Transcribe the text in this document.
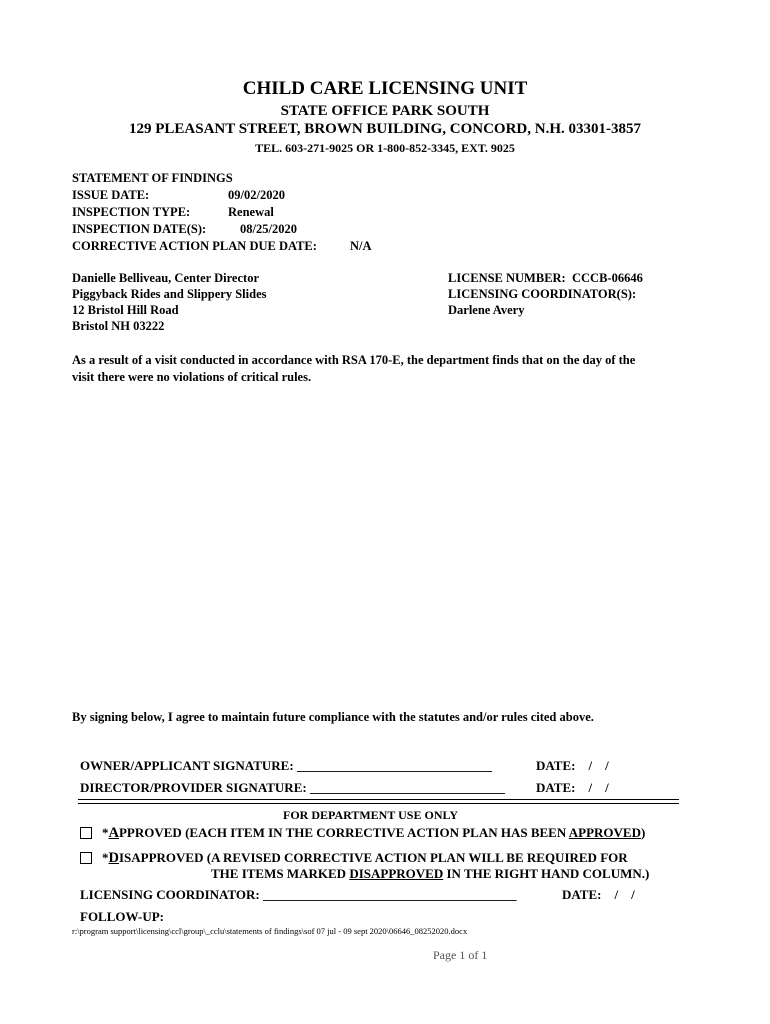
CHILD CARE LICENSING UNIT
STATE OFFICE PARK SOUTH
129 PLEASANT STREET, BROWN BUILDING, CONCORD, N.H. 03301-3857
TEL. 603-271-9025 OR 1-800-852-3345, EXT. 9025
STATEMENT OF FINDINGS
ISSUE DATE:	09/02/2020
INSPECTION TYPE:	Renewal
INSPECTION DATE(S):	08/25/2020
CORRECTIVE ACTION PLAN DUE DATE:	N/A
Danielle Belliveau, Center Director
Piggyback Rides and Slippery Slides
12 Bristol Hill Road
Bristol NH 03222
LICENSE NUMBER: CCCB-06646
LICENSING COORDINATOR(S):
Darlene Avery
As a result of a visit conducted in accordance with RSA 170-E, the department finds that on the day of the
visit there were no violations of critical rules.
By signing below, I agree to maintain future compliance with the statutes and/or rules cited above.
OWNER/APPLICANT SIGNATURE: ______________________________	DATE: /    /
DIRECTOR/PROVIDER SIGNATURE: ______________________________ DATE: /    /
FOR DEPARTMENT USE ONLY
*APPROVED (EACH ITEM IN THE CORRECTIVE ACTION PLAN HAS BEEN APPROVED)
*DISAPPROVED (A REVISED CORRECTIVE ACTION PLAN WILL BE REQUIRED FOR
THE ITEMS MARKED DISAPPROVED IN THE RIGHT HAND COLUMN.)
LICENSING COORDINATOR: _______________________________________	DATE: /    /
FOLLOW-UP:
r:\program support\licensing\ccl\group\_cclu\statements of findings\sof 07 jul - 09 sept 2020\06646_08252020.docx
Page 1 of 1
